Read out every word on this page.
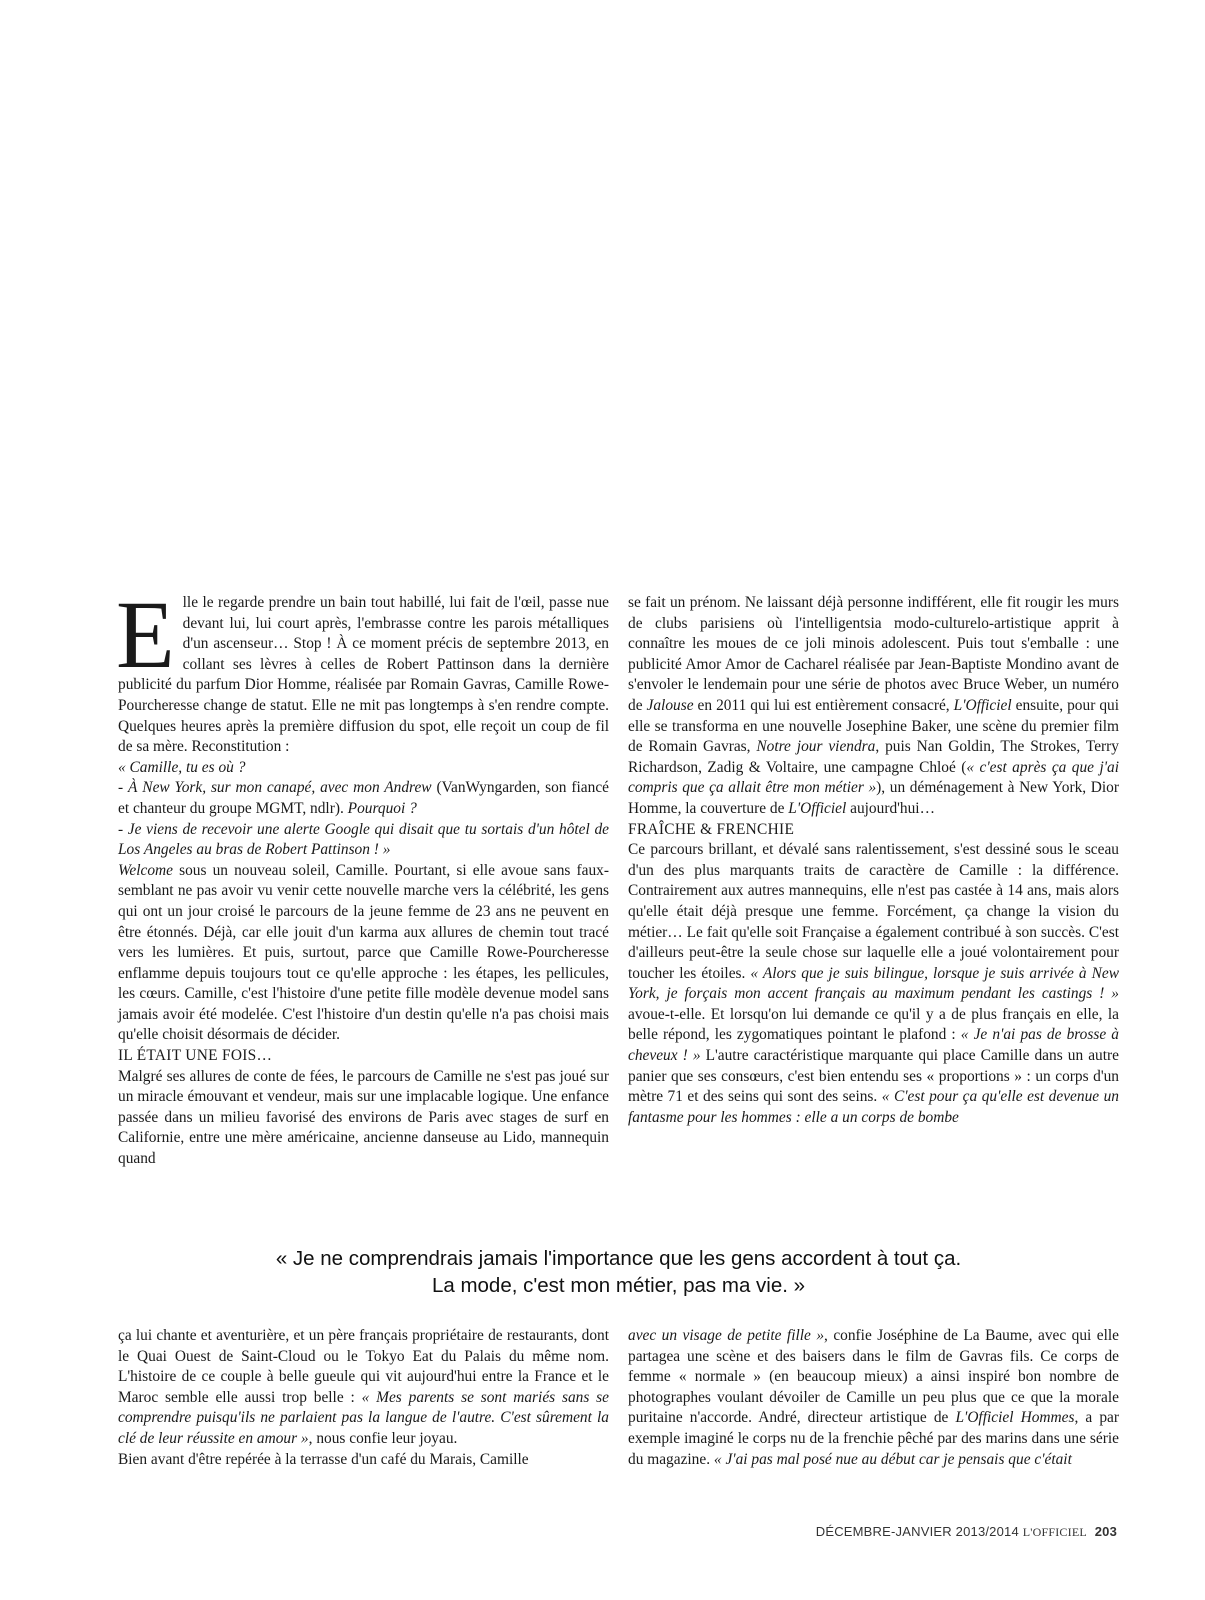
Elle le regarde prendre un bain tout habillé, lui fait de l'œil, passe nue devant lui, lui court après, l'embrasse contre les parois métalliques d'un ascenseur… Stop ! À ce moment précis de septembre 2013, en collant ses lèvres à celles de Robert Pattinson dans la dernière publicité du parfum Dior Homme, réalisée par Romain Gavras, Camille Rowe-Pourcheresse change de statut. Elle ne mit pas longtemps à s'en rendre compte. Quelques heures après la première diffusion du spot, elle reçoit un coup de fil de sa mère. Reconstitution :

« Camille, tu es où ?

- À New York, sur mon canapé, avec mon Andrew (VanWyngarden, son fiancé et chanteur du groupe MGMT, ndlr). Pourquoi ?

- Je viens de recevoir une alerte Google qui disait que tu sortais d'un hôtel de Los Angeles au bras de Robert Pattinson ! »

Welcome sous un nouveau soleil, Camille. Pourtant, si elle avoue sans faux-semblant ne pas avoir vu venir cette nouvelle marche vers la célébrité, les gens qui ont un jour croisé le parcours de la jeune femme de 23 ans ne peuvent en être étonnés. Déjà, car elle jouit d'un karma aux allures de chemin tout tracé vers les lumières. Et puis, surtout, parce que Camille Rowe-Pourcheresse enflamme depuis toujours tout ce qu'elle approche : les étapes, les pellicules, les cœurs. Camille, c'est l'histoire d'une petite fille modèle devenue model sans jamais avoir été modelée. C'est l'histoire d'un destin qu'elle n'a pas choisi mais qu'elle choisit désormais de décider.

IL ÉTAIT UNE FOIS…

Malgré ses allures de conte de fées, le parcours de Camille ne s'est pas joué sur un miracle émouvant et vendeur, mais sur une implacable logique. Une enfance passée dans un milieu favorisé des environs de Paris avec stages de surf en Californie, entre une mère américaine, ancienne danseuse au Lido, mannequin quand

se fait un prénom. Ne laissant déjà personne indifférent, elle fit rougir les murs de clubs parisiens où l'intelligentsia modo-culturelo-artistique apprit à connaître les moues de ce joli minois adolescent. Puis tout s'emballe : une publicité Amor Amor de Cacharel réalisée par Jean-Baptiste Mondino avant de s'envoler le lendemain pour une série de photos avec Bruce Weber, un numéro de Jalouse en 2011 qui lui est entièrement consacré, L'Officiel ensuite, pour qui elle se transforma en une nouvelle Josephine Baker, une scène du premier film de Romain Gavras, Notre jour viendra, puis Nan Goldin, The Strokes, Terry Richardson, Zadig & Voltaire, une campagne Chloé (« c'est après ça que j'ai compris que ça allait être mon métier »), un déménagement à New York, Dior Homme, la couverture de L'Officiel aujourd'hui…

FRAÎCHE & FRENCHIE

Ce parcours brillant, et dévalé sans ralentissement, s'est dessiné sous le sceau d'un des plus marquants traits de caractère de Camille : la différence. Contrairement aux autres mannequins, elle n'est pas castée à 14 ans, mais alors qu'elle était déjà presque une femme. Forcément, ça change la vision du métier… Le fait qu'elle soit Française a également contribué à son succès. C'est d'ailleurs peut-être la seule chose sur laquelle elle a joué volontairement pour toucher les étoiles. « Alors que je suis bilingue, lorsque je suis arrivée à New York, je forçais mon accent français au maximum pendant les castings ! » avoue-t-elle. Et lorsqu'on lui demande ce qu'il y a de plus français en elle, la belle répond, les zygomatiques pointant le plafond : « Je n'ai pas de brosse à cheveux ! » L'autre caractéristique marquante qui place Camille dans un autre panier que ses consœurs, c'est bien entendu ses « proportions » : un corps d'un mètre 71 et des seins qui sont des seins. « C'est pour ça qu'elle est devenue un fantasme pour les hommes : elle a un corps de bombe

« Je ne comprendrais jamais l'importance que les gens accordent à tout ça.
La mode, c'est mon métier, pas ma vie. »

ça lui chante et aventurière, et un père français propriétaire de restaurants, dont le Quai Ouest de Saint-Cloud ou le Tokyo Eat du Palais du même nom. L'histoire de ce couple à belle gueule qui vit aujourd'hui entre la France et le Maroc semble elle aussi trop belle : « Mes parents se sont mariés sans se comprendre puisqu'ils ne parlaient pas la langue de l'autre. C'est sûrement la clé de leur réussite en amour », nous confie leur joyau.

Bien avant d'être repérée à la terrasse d'un café du Marais, Camille

avec un visage de petite fille », confie Joséphine de La Baume, avec qui elle partagea une scène et des baisers dans le film de Gavras fils. Ce corps de femme « normale » (en beaucoup mieux) a ainsi inspiré bon nombre de photographes voulant dévoiler de Camille un peu plus que ce que la morale puritaine n'accorde. André, directeur artistique de L'Officiel Hommes, a par exemple imaginé le corps nu de la frenchie pêché par des marins dans une série du magazine. « J'ai pas mal posé nue au début car je pensais que c'était

DÉCEMBRE-JANVIER 2013/2014 L'OFFICIEL 203
